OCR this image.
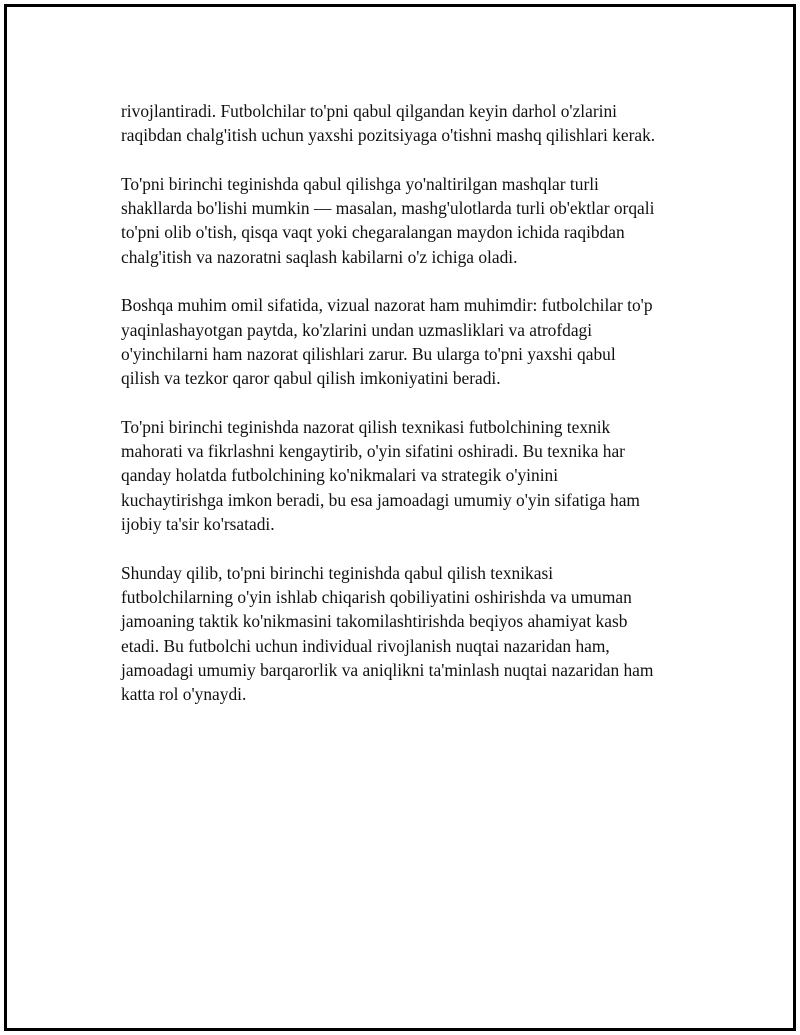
rivojlantiradi. Futbolchilar to'pni qabul qilgandan keyin darhol o'zlarini
raqibdan chalg'itish uchun yaxshi pozitsiyaga o'tishni mashq qilishlari kerak.

To'pni birinchi teginishda qabul qilishga yo'naltirilgan mashqlar turli
shakllarda bo'lishi mumkin — masalan, mashg'ulotlarda turli ob'ektlar orqali
to'pni olib o'tish, qisqa vaqt yoki chegaralangan maydon ichida raqibdan
chalg'itish va nazoratni saqlash kabilarni o'z ichiga oladi.

Boshqa muhim omil sifatida, vizual nazorat ham muhimdir: futbolchilar to'p
yaqinlashayotgan paytda, ko'zlarini undan uzmasliklari va atrofdagi
o'yinchilarni ham nazorat qilishlari zarur. Bu ularga to'pni yaxshi qabul
qilish va tezkor qaror qabul qilish imkoniyatini beradi.

To'pni birinchi teginishda nazorat qilish texnikasi futbolchining texnik
mahorati va fikrlashni kengaytirib, o'yin sifatini oshiradi. Bu texnika har
qanday holatda futbolchining ko'nikmalari va strategik o'yinini
kuchaytirishga imkon beradi, bu esa jamoadagi umumiy o'yin sifatiga ham
ijobiy ta'sir ko'rsatadi.

Shunday qilib, to'pni birinchi teginishda qabul qilish texnikasi
futbolchilarning o'yin ishlab chiqarish qobiliyatini oshirishda va umuman
jamoaning taktik ko'nikmasini takomilashtirishda beqiyos ahamiyat kasb
etadi. Bu futbolchi uchun individual rivojlanish nuqtai nazaridan ham,
jamoadagi umumiy barqarorlik va aniqlikni ta'minlash nuqtai nazaridan ham
katta rol o'ynaydi.
